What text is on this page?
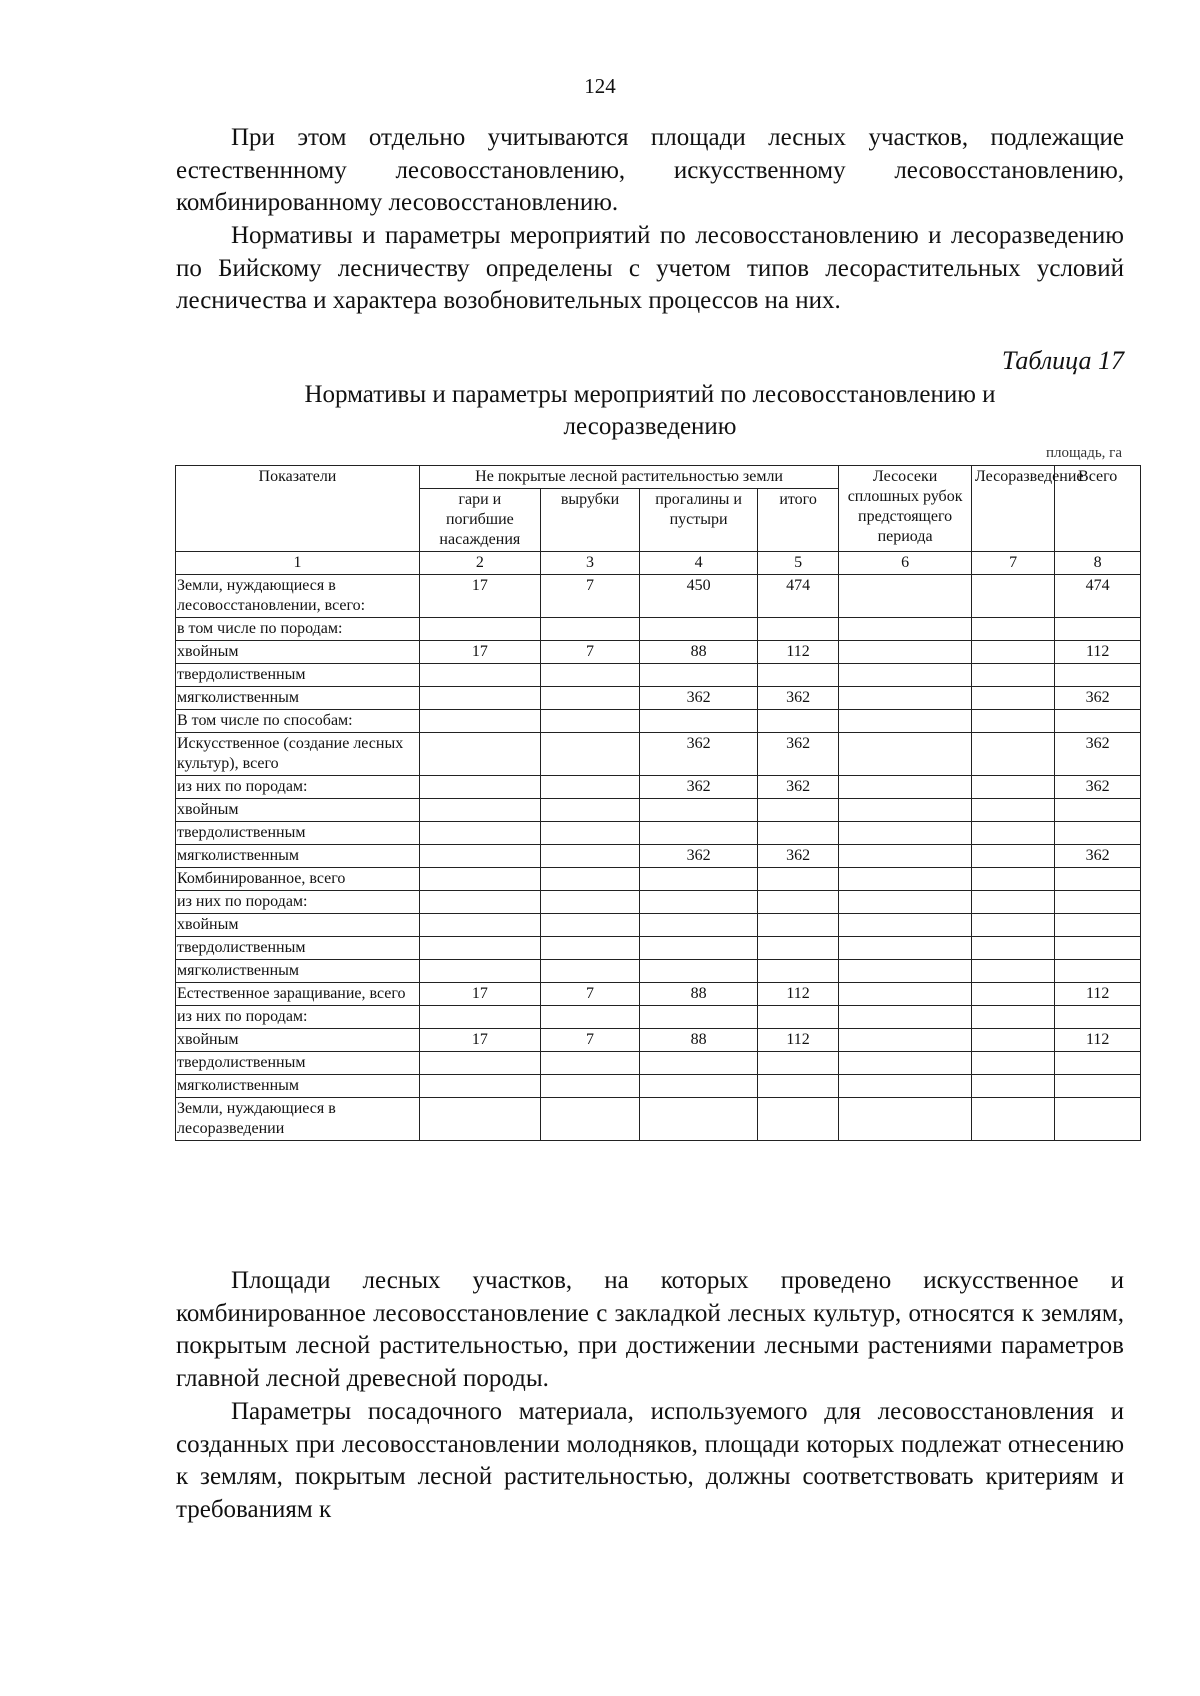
124

При этом отдельно учитываются площади лесных участков, подлежащие естественнному лесовосстановлению, искусственному лесовосстановлению, комбинированному лесовосстановлению.

Нормативы и параметры мероприятий по лесовосстановлению и лесоразведению по Бийскому лесничеству определены с учетом типов лесорастительных условий лесничества и характера возобновительных процессов на них.

Таблица 17
Нормативы и параметры мероприятий по лесовосстановлению и лесоразведению
площадь, га
Показатели	Не покрытые лесной растительностью земли				Лесосеки сплошных рубок предстоящего периода	Лесоразведение	Всего
	гари и погибшие насаждения	вырубки	прогалины и пустыри	итого			
1	2	3	4	5	6	7	8
Земли, нуждающиеся в лесовосстановлении, всего:	17	7	450	474			474
в том числе по породам:							
хвойным	17	7	88	112			112
твердолиственным							
мягколиственным			362	362			362
В том числе по способам:							
Искусственное (создание лесных культур), всего			362	362			362
из них по породам:			362	362			362
хвойным							
твердолиственным							
мягколиственным			362	362			362
Комбинированное, всего							
из них по породам:							
хвойным							
твердолиственным							
мягколиственным							
Естественное заращивание, всего	17	7	88	112			112
из них по породам:							
хвойным	17	7	88	112			112
твердолиственным							
мягколиственным							
Земли, нуждающиеся в лесоразведении							

Площади лесных участков, на которых проведено искусственное и комбинированное лесовосстановление с закладкой лесных культур, относятся к землям, покрытым лесной растительностью, при достижении лесными растениями параметров главной лесной древесной породы.

Параметры посадочного материала, используемого для лесовосстановления и созданных при лесовосстановлении молодняков, площади которых подлежат отнесению к землям, покрытым лесной растительностью, должны соответствовать критериям и требованиям к
